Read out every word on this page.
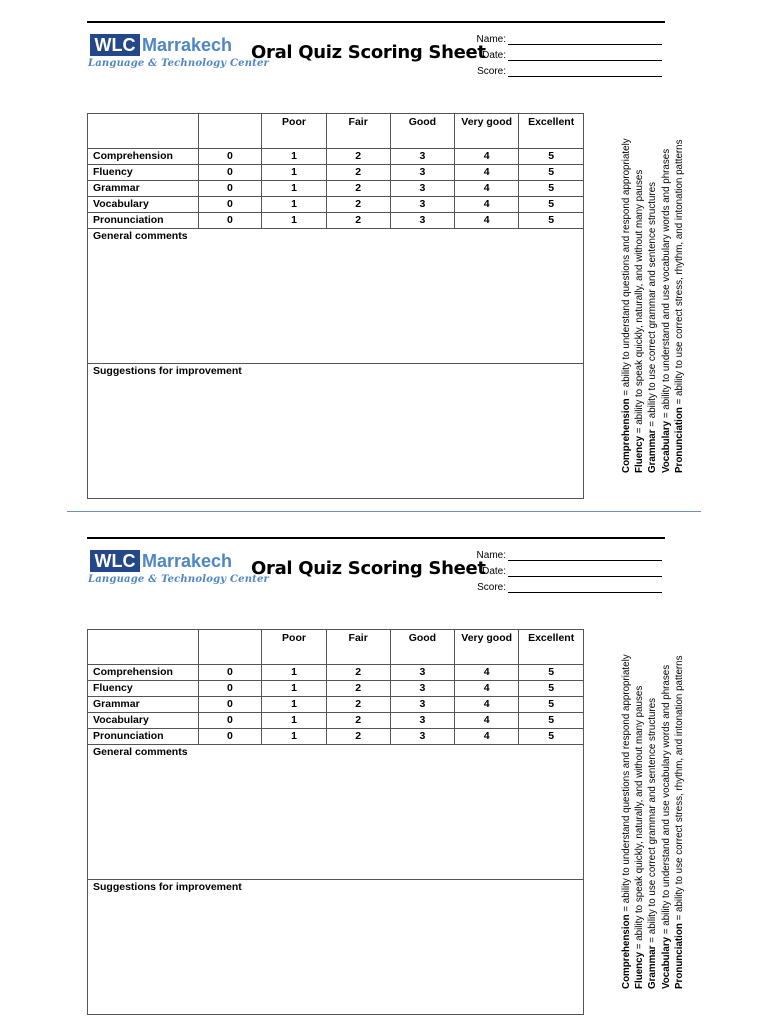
WLC Marrakech
Language & Technology Center
Oral Quiz Scoring Sheet
Name:
Date:
Score:
		Poor	Fair	Good	Very good	Excellent
Comprehension	0	1	2	3	4	5
Fluency	0	1	2	3	4	5
Grammar	0	1	2	3	4	5
Vocabulary	0	1	2	3	4	5
Pronunciation	0	1	2	3	4	5
General comments						
Suggestions for improvement						
Comprehension = ability to understand questions and respond appropriately
Fluency = ability to speak quickly, naturally, and without many pauses
Grammar = ability to use correct grammar and sentence structures
Vocabulary = ability to understand and use vocabulary words and phrases
Pronunciation = ability to use correct stress, rhythm, and intonation patterns
WLC Marrakech
Language & Technology Center
Oral Quiz Scoring Sheet
Name:
Date:
Score:
		Poor	Fair	Good	Very good	Excellent
Comprehension	0	1	2	3	4	5
Fluency	0	1	2	3	4	5
Grammar	0	1	2	3	4	5
Vocabulary	0	1	2	3	4	5
Pronunciation	0	1	2	3	4	5
General comments						
Suggestions for improvement						
Comprehension = ability to understand questions and respond appropriately
Fluency = ability to speak quickly, naturally, and without many pauses
Grammar = ability to use correct grammar and sentence structures
Vocabulary = ability to understand and use vocabulary words and phrases
Pronunciation = ability to use correct stress, rhythm, and intonation patterns
